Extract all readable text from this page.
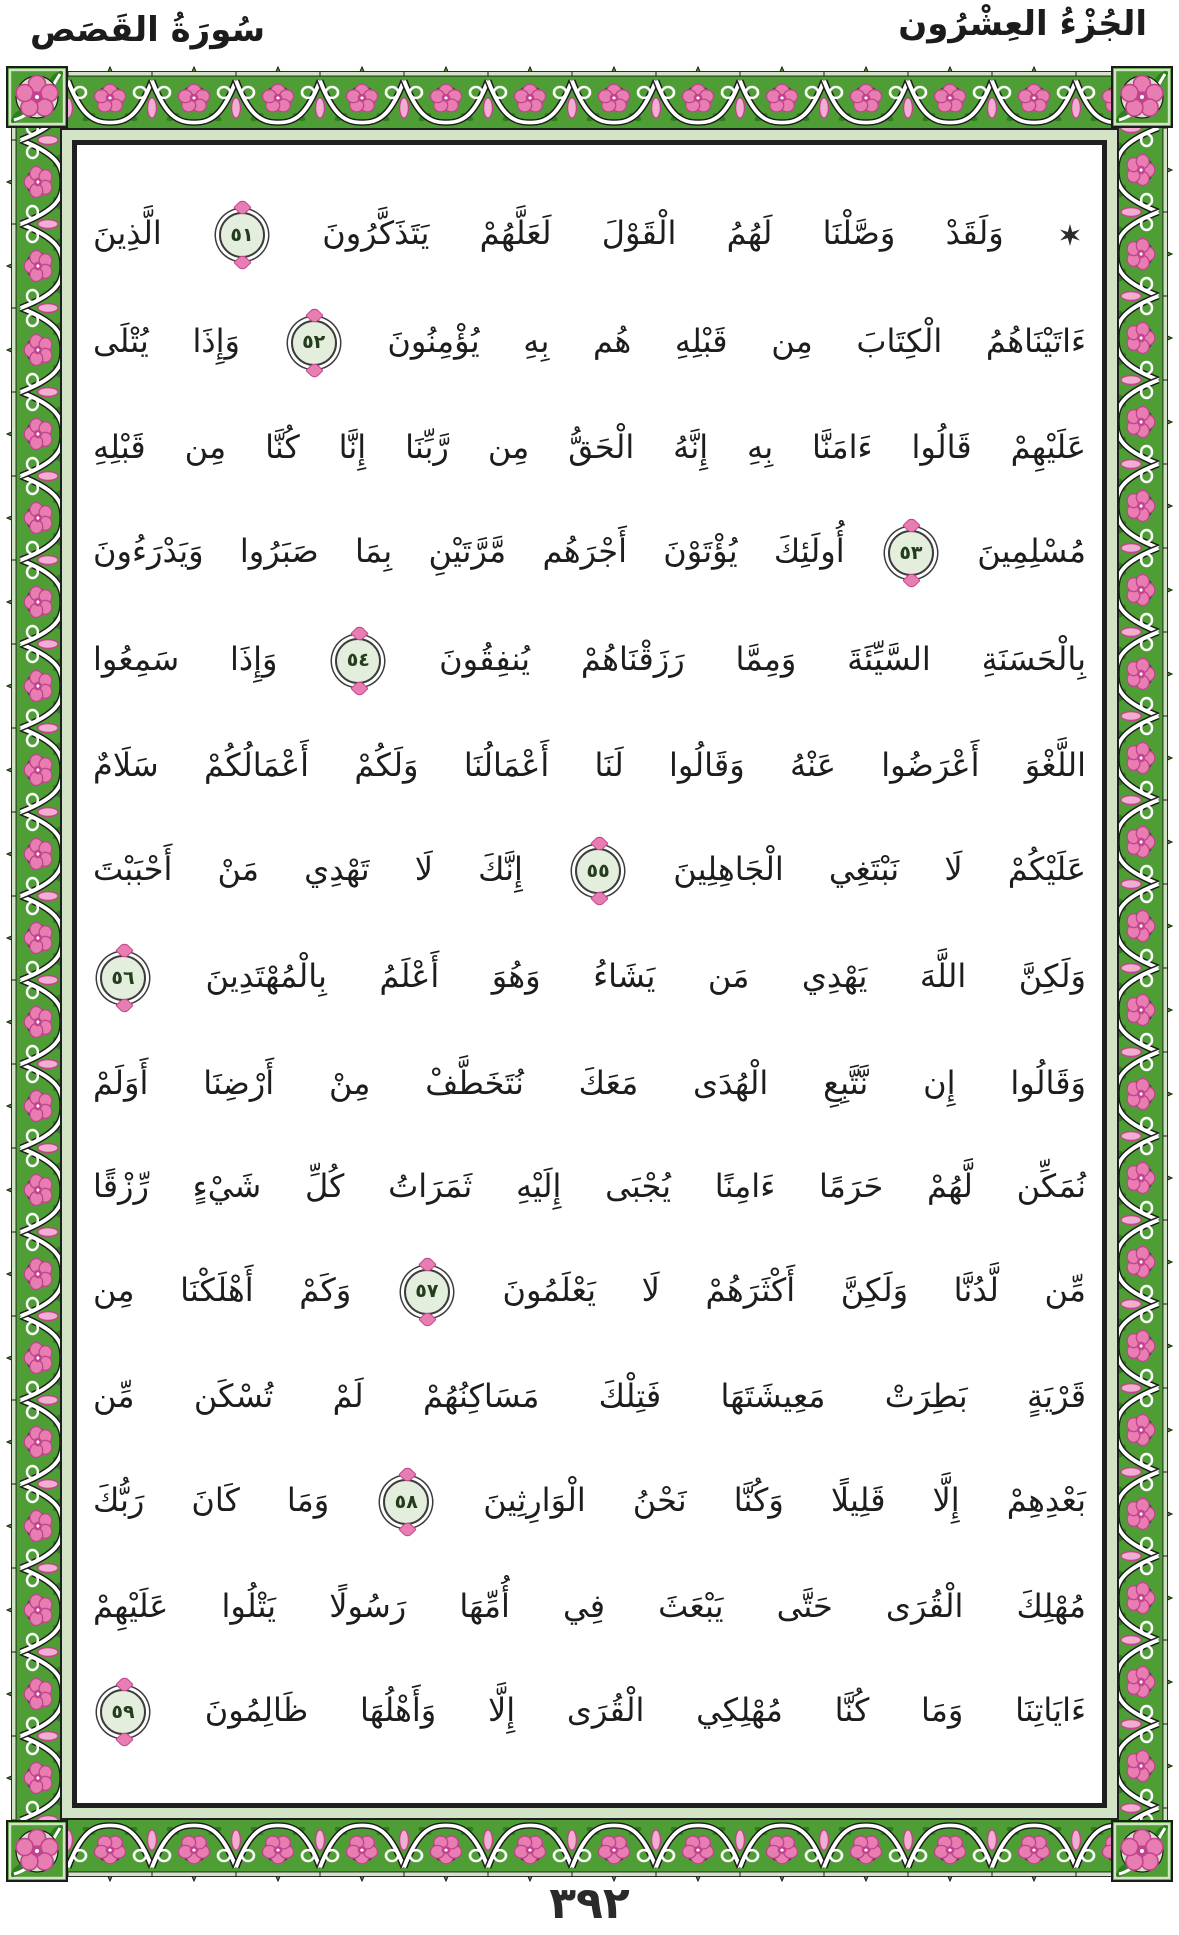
سُورَةُ القَصَص	الجُزْءُ العِشْرُون
وَلَقَدْ وَصَّلْنَا لَهُمُ الْقَوْلَ لَعَلَّهُمْ يَتَذَكَّرُونَ ٥١ الَّذِينَ
ءَاتَيْنَاهُمُ الْكِتَابَ مِن قَبْلِهِ هُم بِهِ يُؤْمِنُونَ ٥٢ وَإِذَا يُتْلَى
عَلَيْهِمْ قَالُوا ءَامَنَّا بِهِ إِنَّهُ الْحَقُّ مِن رَّبِّنَا إِنَّا كُنَّا مِن قَبْلِهِ
مُسْلِمِينَ ٥٣ أُولَئِكَ يُؤْتَوْنَ أَجْرَهُم مَّرَّتَيْنِ بِمَا صَبَرُوا وَيَدْرَءُونَ
بِالْحَسَنَةِ السَّيِّئَةَ وَمِمَّا رَزَقْنَاهُمْ يُنفِقُونَ ٥٤ وَإِذَا سَمِعُوا
اللَّغْوَ أَعْرَضُوا عَنْهُ وَقَالُوا لَنَا أَعْمَالُنَا وَلَكُمْ أَعْمَالُكُمْ سَلَامٌ
عَلَيْكُمْ لَا نَبْتَغِي الْجَاهِلِينَ ٥٥ إِنَّكَ لَا تَهْدِي مَنْ أَحْبَبْتَ
وَلَكِنَّ اللَّهَ يَهْدِي مَن يَشَاءُ وَهُوَ أَعْلَمُ بِالْمُهْتَدِينَ ٥٦
وَقَالُوا إِن نَّتَّبِعِ الْهُدَى مَعَكَ نُتَخَطَّفْ مِنْ أَرْضِنَا أَوَلَمْ
نُمَكِّن لَّهُمْ حَرَمًا ءَامِنًا يُجْبَى إِلَيْهِ ثَمَرَاتُ كُلِّ شَيْءٍ رِّزْقًا
مِّن لَّدُنَّا وَلَكِنَّ أَكْثَرَهُمْ لَا يَعْلَمُونَ ٥٧ وَكَمْ أَهْلَكْنَا مِن
قَرْيَةٍ بَطِرَتْ مَعِيشَتَهَا فَتِلْكَ مَسَاكِنُهُمْ لَمْ تُسْكَن مِّن
بَعْدِهِمْ إِلَّا قَلِيلًا وَكُنَّا نَحْنُ الْوَارِثِينَ ٥٨ وَمَا كَانَ رَبُّكَ
مُهْلِكَ الْقُرَى حَتَّى يَبْعَثَ فِي أُمِّهَا رَسُولًا يَتْلُوا عَلَيْهِمْ
ءَايَاتِنَا وَمَا كُنَّا مُهْلِكِي الْقُرَى إِلَّا وَأَهْلُهَا ظَالِمُونَ ٥٩
٣٩٢
